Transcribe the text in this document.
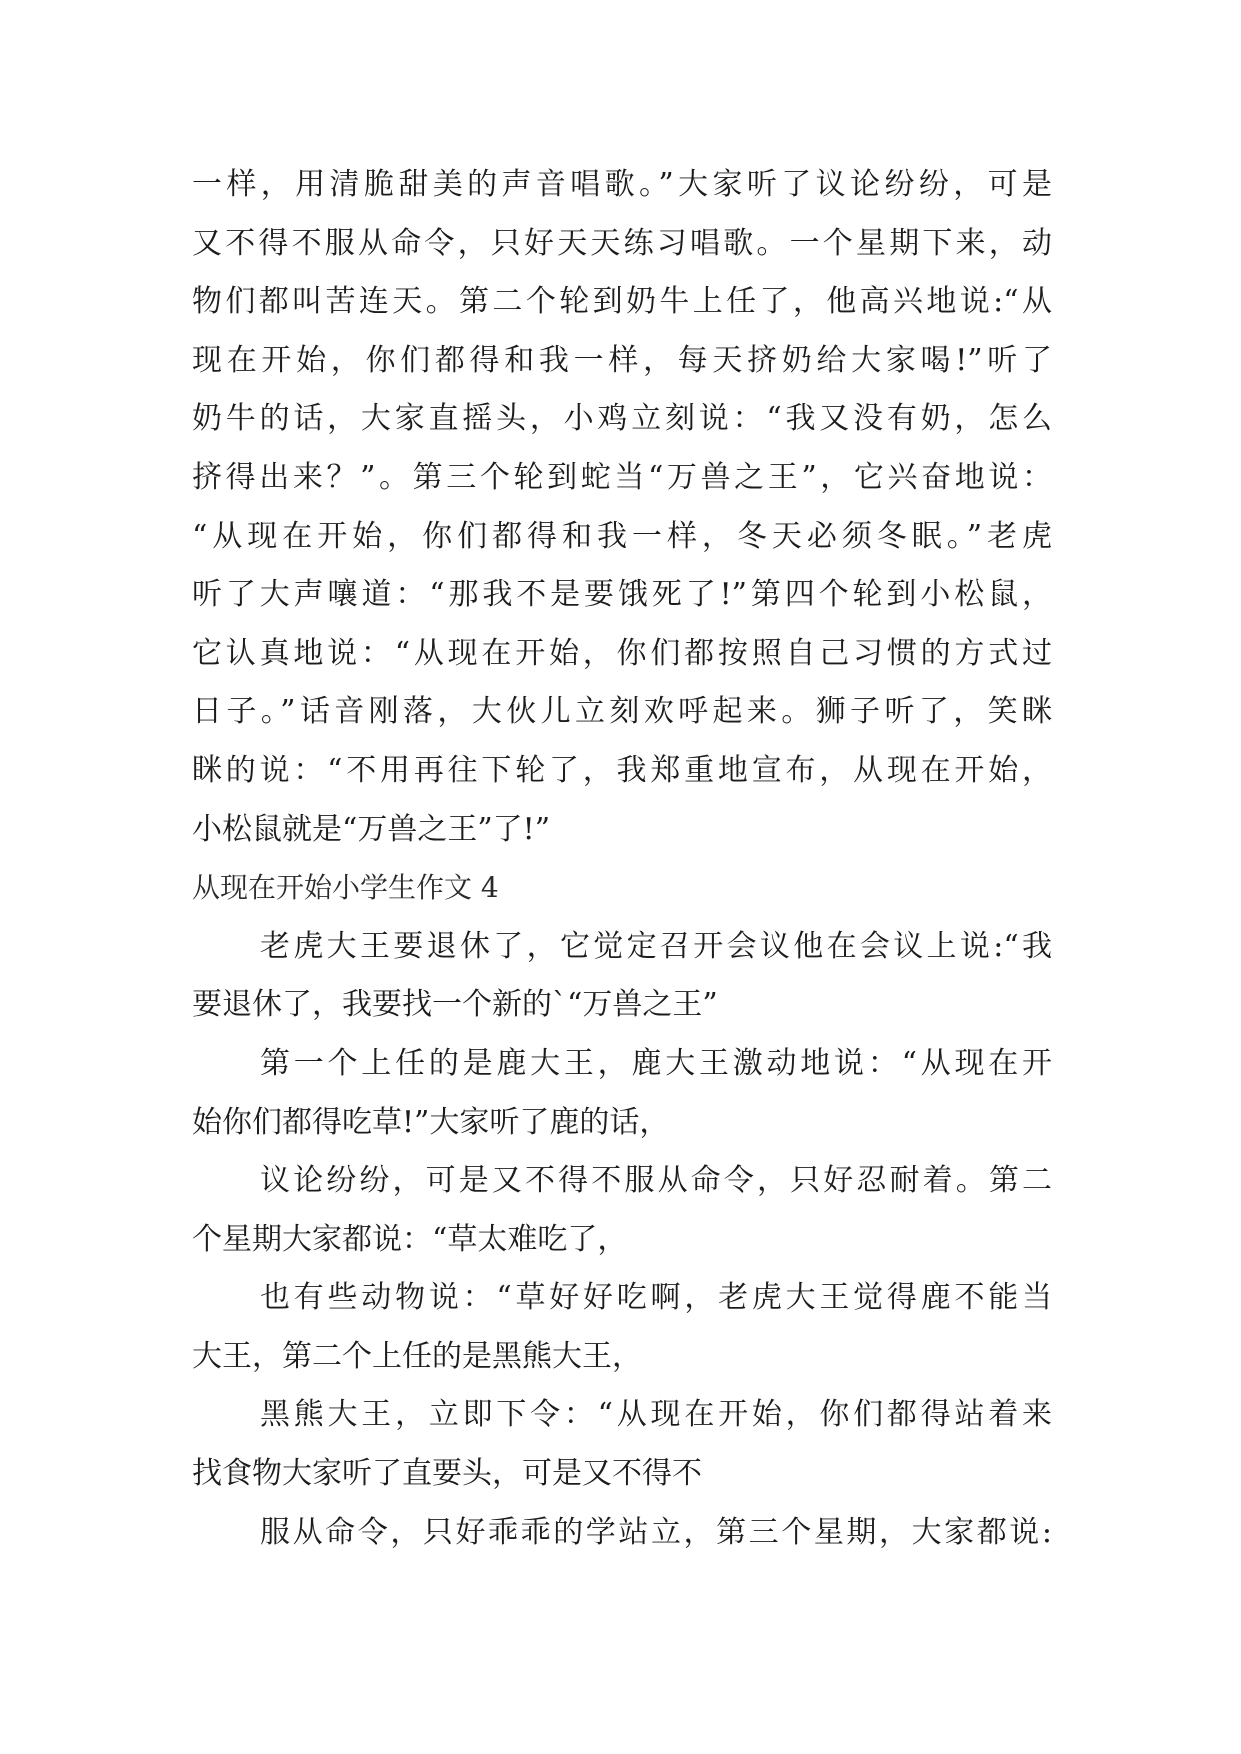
一样，用清脆甜美的声音唱歌。”大家听了议论纷纷，可是
又不得不服从命令，只好天天练习唱歌。一个星期下来，动
物们都叫苦连天。第二个轮到奶牛上任了，他高兴地说:“从
现在开始，你们都得和我一样，每天挤奶给大家喝!”听了
奶牛的话，大家直摇头，小鸡立刻说：“我又没有奶，怎么
挤得出来？”。第三个轮到蛇当“万兽之王”，它兴奋地说：
“从现在开始，你们都得和我一样，冬天必须冬眠。”老虎
听了大声嚷道：“那我不是要饿死了!”第四个轮到小松鼠，
它认真地说：“从现在开始，你们都按照自己习惯的方式过
日子。”话音刚落，大伙儿立刻欢呼起来。狮子听了，笑眯
眯的说：“不用再往下轮了，我郑重地宣布，从现在开始，
小松鼠就是“万兽之王”了!”
从现在开始小学生作文 4
老虎大王要退休了，它觉定召开会议他在会议上说:“我
要退休了，我要找一个新的`“万兽之王”
第一个上任的是鹿大王，鹿大王激动地说：“从现在开
始你们都得吃草!”大家听了鹿的话，
议论纷纷，可是又不得不服从命令，只好忍耐着。第二
个星期大家都说：“草太难吃了，
也有些动物说：“草好好吃啊，老虎大王觉得鹿不能当
大王，第二个上任的是黑熊大王，
黑熊大王，立即下令：“从现在开始，你们都得站着来
找食物大家听了直要头，可是又不得不
服从命令，只好乖乖的学站立，第三个星期，大家都说:
